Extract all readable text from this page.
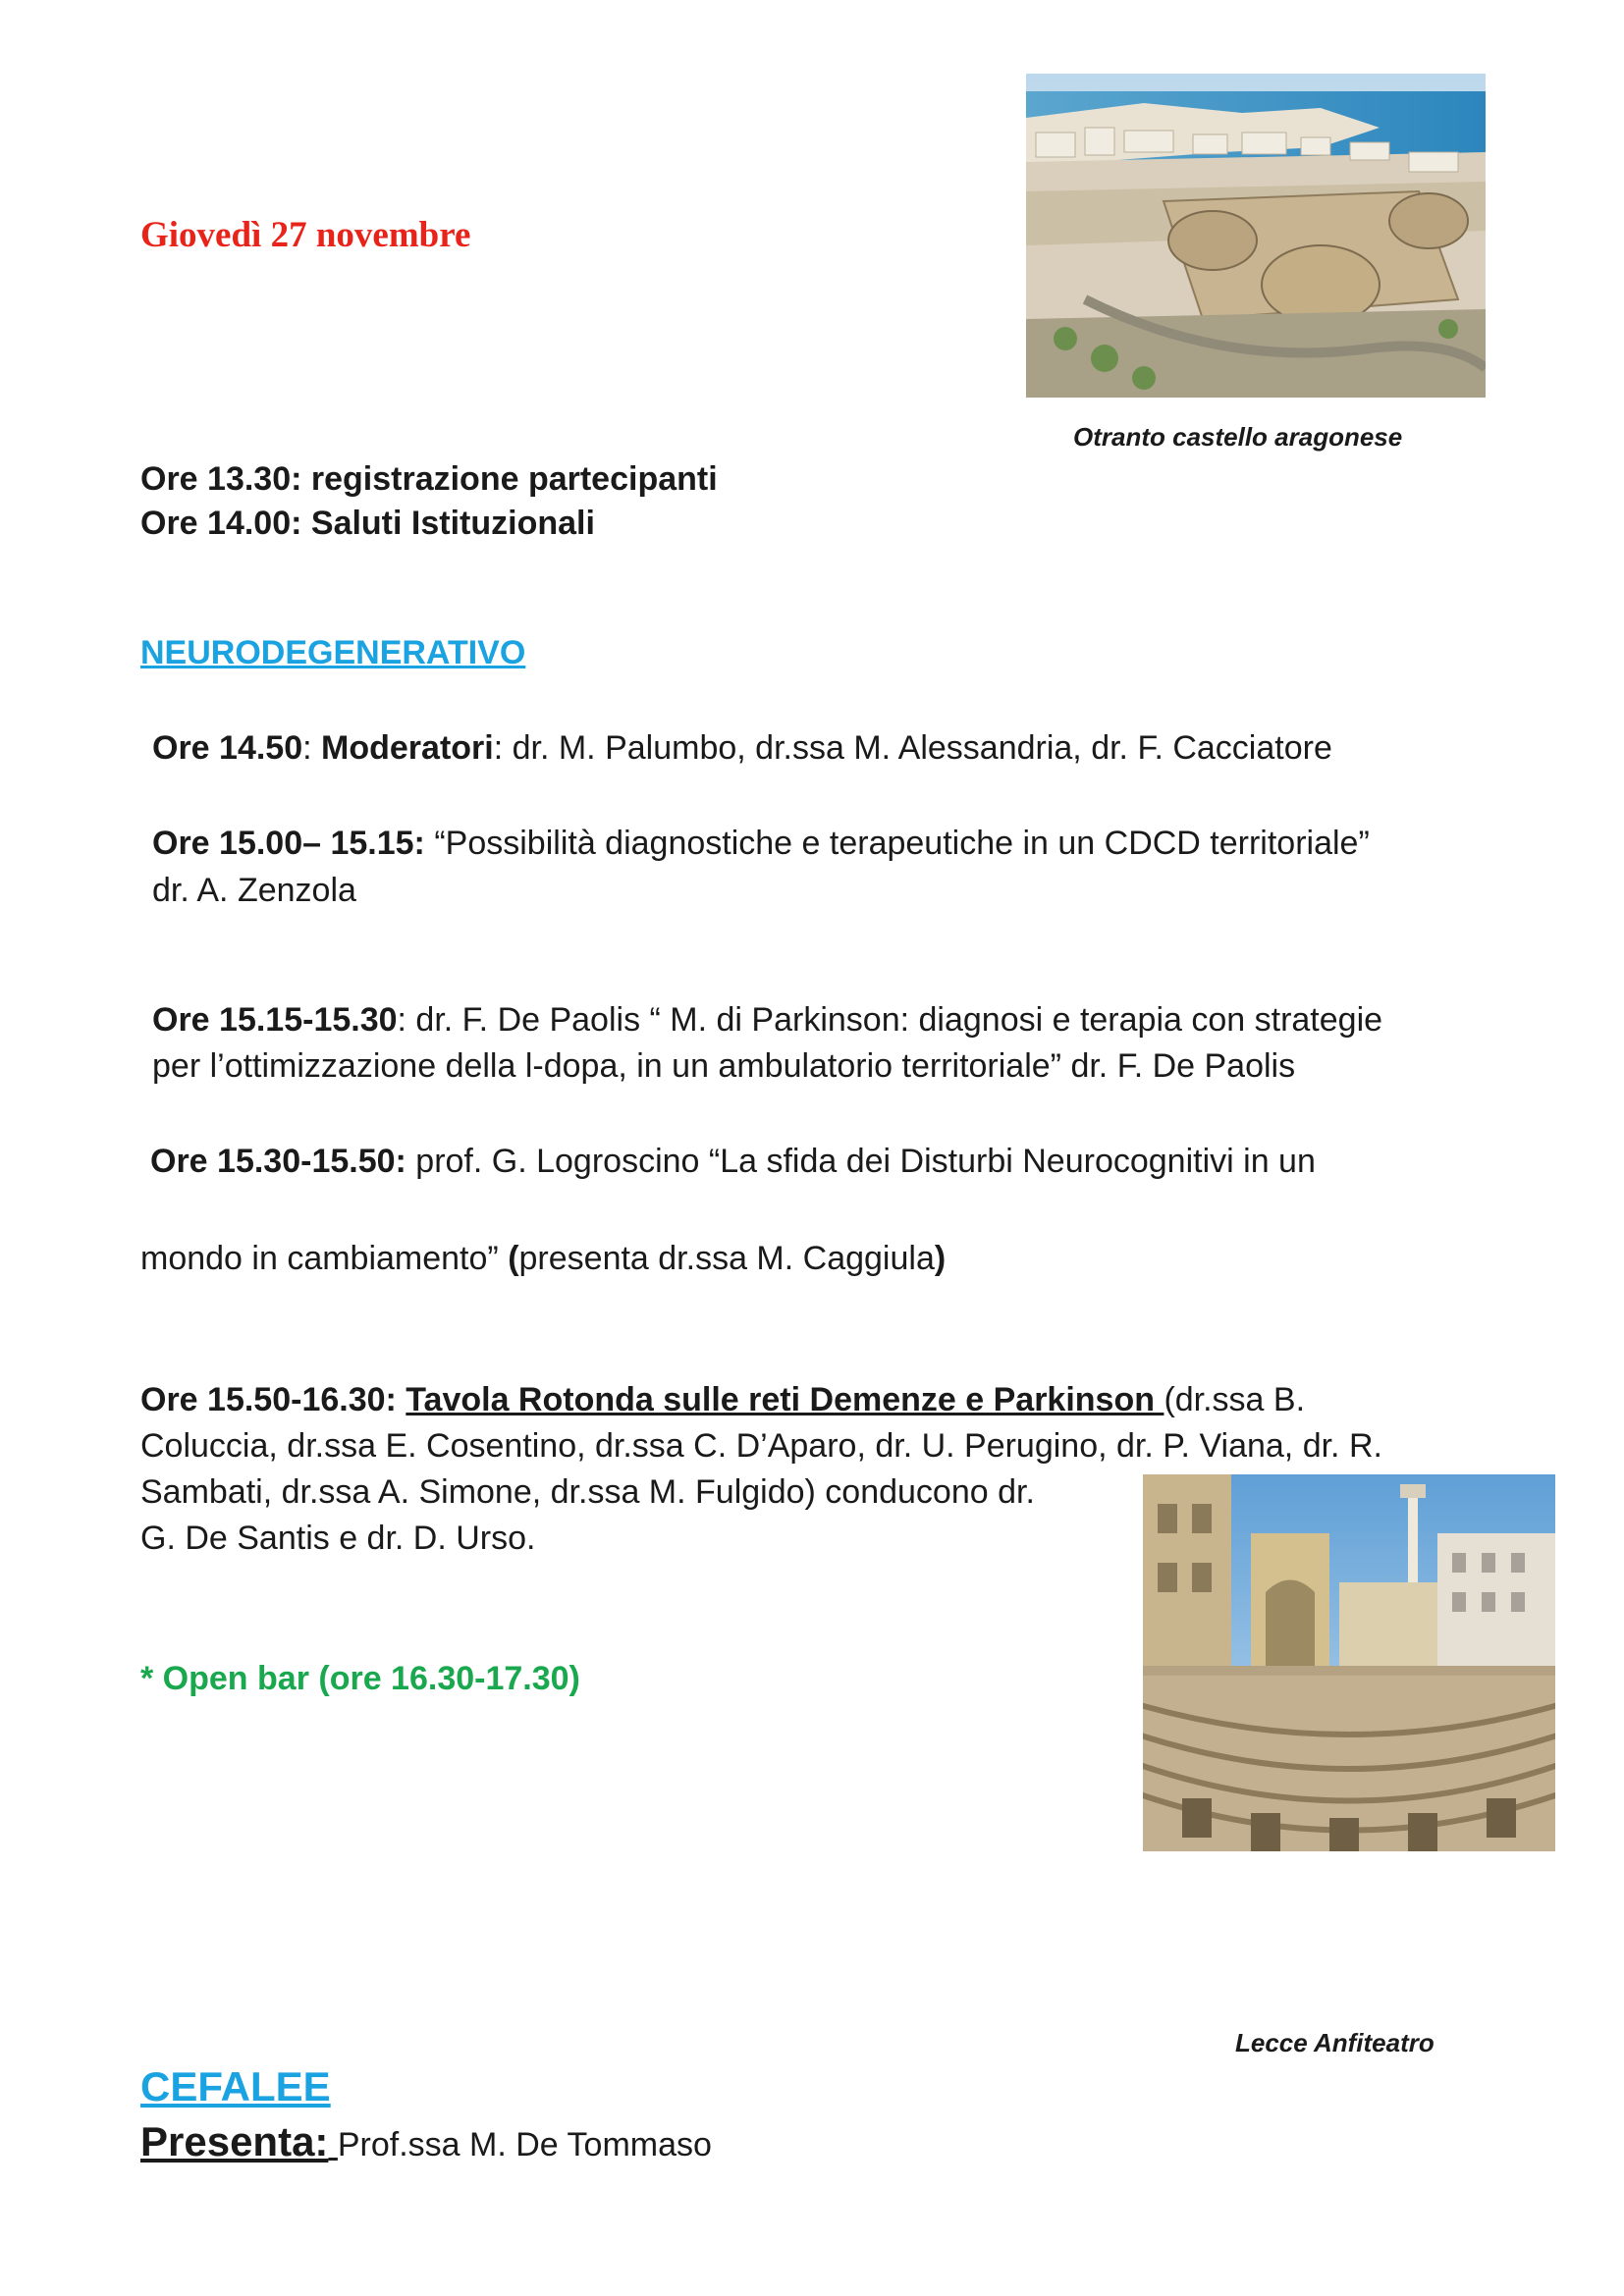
Giovedì 27 novembre
Otranto castello aragonese
Ore 13.30: registrazione partecipanti
Ore 14.00: Saluti Istituzionali
NEURODEGENERATIVO
Ore 14.50: Moderatori: dr. M. Palumbo, dr.ssa M. Alessandria, dr. F. Cacciatore
Ore 15.00– 15.15: “Possibilità diagnostiche e terapeutiche in un CDCD territoriale”
dr. A. Zenzola
Ore 15.15-15.30: dr. F. De Paolis “ M. di Parkinson: diagnosi e terapia con strategie
per l’ottimizzazione della l-dopa, in un ambulatorio territoriale” dr. F. De Paolis
Ore 15.30-15.50: prof. G. Logroscino “La sfida dei Disturbi Neurocognitivi in un
mondo in cambiamento” (presenta dr.ssa M. Caggiula)
Ore 15.50-16.30: Tavola Rotonda sulle reti Demenze e Parkinson (dr.ssa B.
Coluccia, dr.ssa E. Cosentino, dr.ssa C. D’Aparo, dr. U. Perugino, dr. P. Viana, dr. R.
Sambati, dr.ssa A. Simone, dr.ssa M. Fulgido) conducono dr.
G. De Santis e dr. D. Urso.
* Open bar (ore 16.30-17.30)
Lecce Anfiteatro
CEFALEE
Presenta: Prof.ssa M. De Tommaso
